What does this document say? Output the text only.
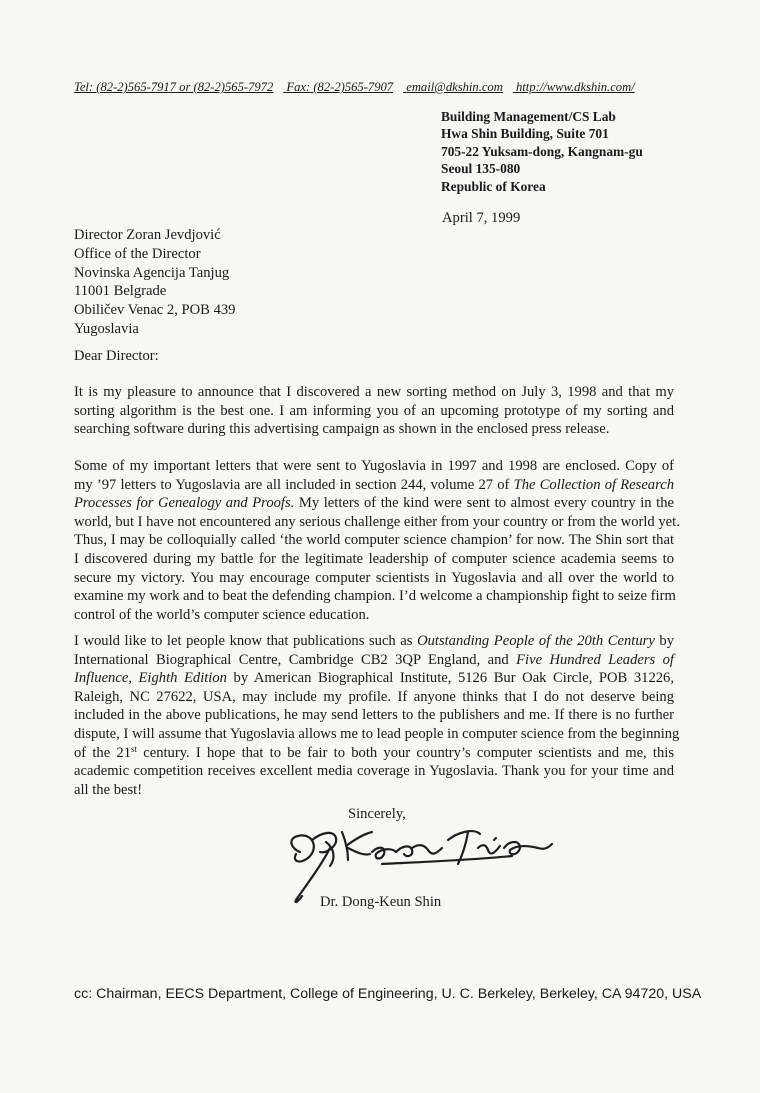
Tel: (82-2)565-7917 or (82-2)565-7972 Fax: (82-2)565-7907 email@dkshin.com http://www.dkshin.com/
Building Management/CS Lab
Hwa Shin Building, Suite 701
705-22 Yuksam-dong, Kangnam-gu
Seoul 135-080
Republic of Korea
April 7, 1999
Director Zoran Jevdjović
Office of the Director
Novinska Agencija Tanjug
11001 Belgrade
Obiličev Venac 2, POB 439
Yugoslavia
Dear Director:
It is my pleasure to announce that I discovered a new sorting method on July 3, 1998 and that my
sorting algorithm is the best one. I am informing you of an upcoming prototype of my sorting and
searching software during this advertising campaign as shown in the enclosed press release.
Some of my important letters that were sent to Yugoslavia in 1997 and 1998 are enclosed. Copy of
my ’97 letters to Yugoslavia are all included in section 244, volume 27 of The Collection of Research
Processes for Genealogy and Proofs. My letters of the kind were sent to almost every country in the
world, but I have not encountered any serious challenge either from your country or from the world yet.
Thus, I may be colloquially called ‘the world computer science champion’ for now. The Shin sort that
I discovered during my battle for the legitimate leadership of computer science academia seems to
secure my victory. You may encourage computer scientists in Yugoslavia and all over the world to
examine my work and to beat the defending champion. I’d welcome a championship fight to seize firm
control of the world’s computer science education.
I would like to let people know that publications such as Outstanding People of the 20th Century by
International Biographical Centre, Cambridge CB2 3QP England, and Five Hundred Leaders of
Influence, Eighth Edition by American Biographical Institute, 5126 Bur Oak Circle, POB 31226,
Raleigh, NC 27622, USA, may include my profile. If anyone thinks that I do not deserve being
included in the above publications, he may send letters to the publishers and me. If there is no further
dispute, I will assume that Yugoslavia allows me to lead people in computer science from the beginning
of the 21st century. I hope that to be fair to both your country’s computer scientists and me, this
academic competition receives excellent media coverage in Yugoslavia. Thank you for your time and
all the best!
Sincerely,
Dr. Dong-Keun Shin
cc: Chairman, EECS Department, College of Engineering, U. C. Berkeley, Berkeley, CA 94720, USA
